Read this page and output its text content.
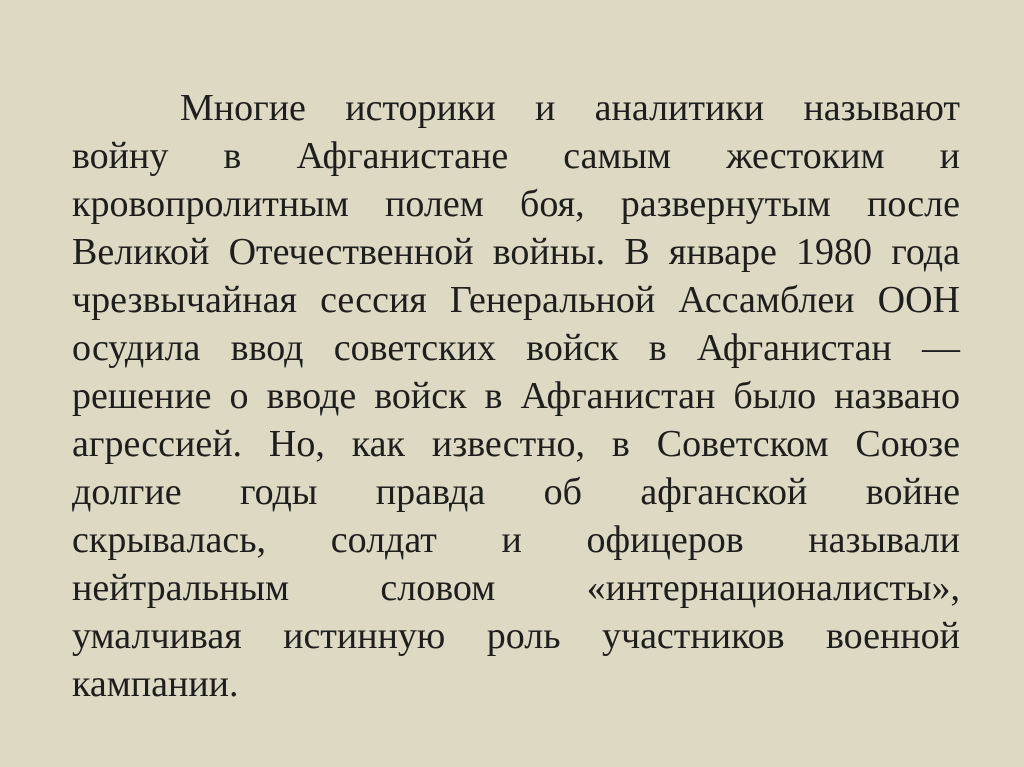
Многие историки и аналитики называют
войну в Афганистане самым жестоким и
кровопролитным полем боя, развернутым после
Великой Отечественной войны. В январе 1980 года
чрезвычайная сессия Генеральной Ассамблеи ООН
осудила ввод советских войск в Афганистан —
решение о вводе войск в Афганистан было названо
агрессией. Но, как известно, в Советском Союзе
долгие годы правда об афганской войне
скрывалась, солдат и офицеров называли
нейтральным словом «интернационалисты»,
умалчивая истинную роль участников военной
кампании.
